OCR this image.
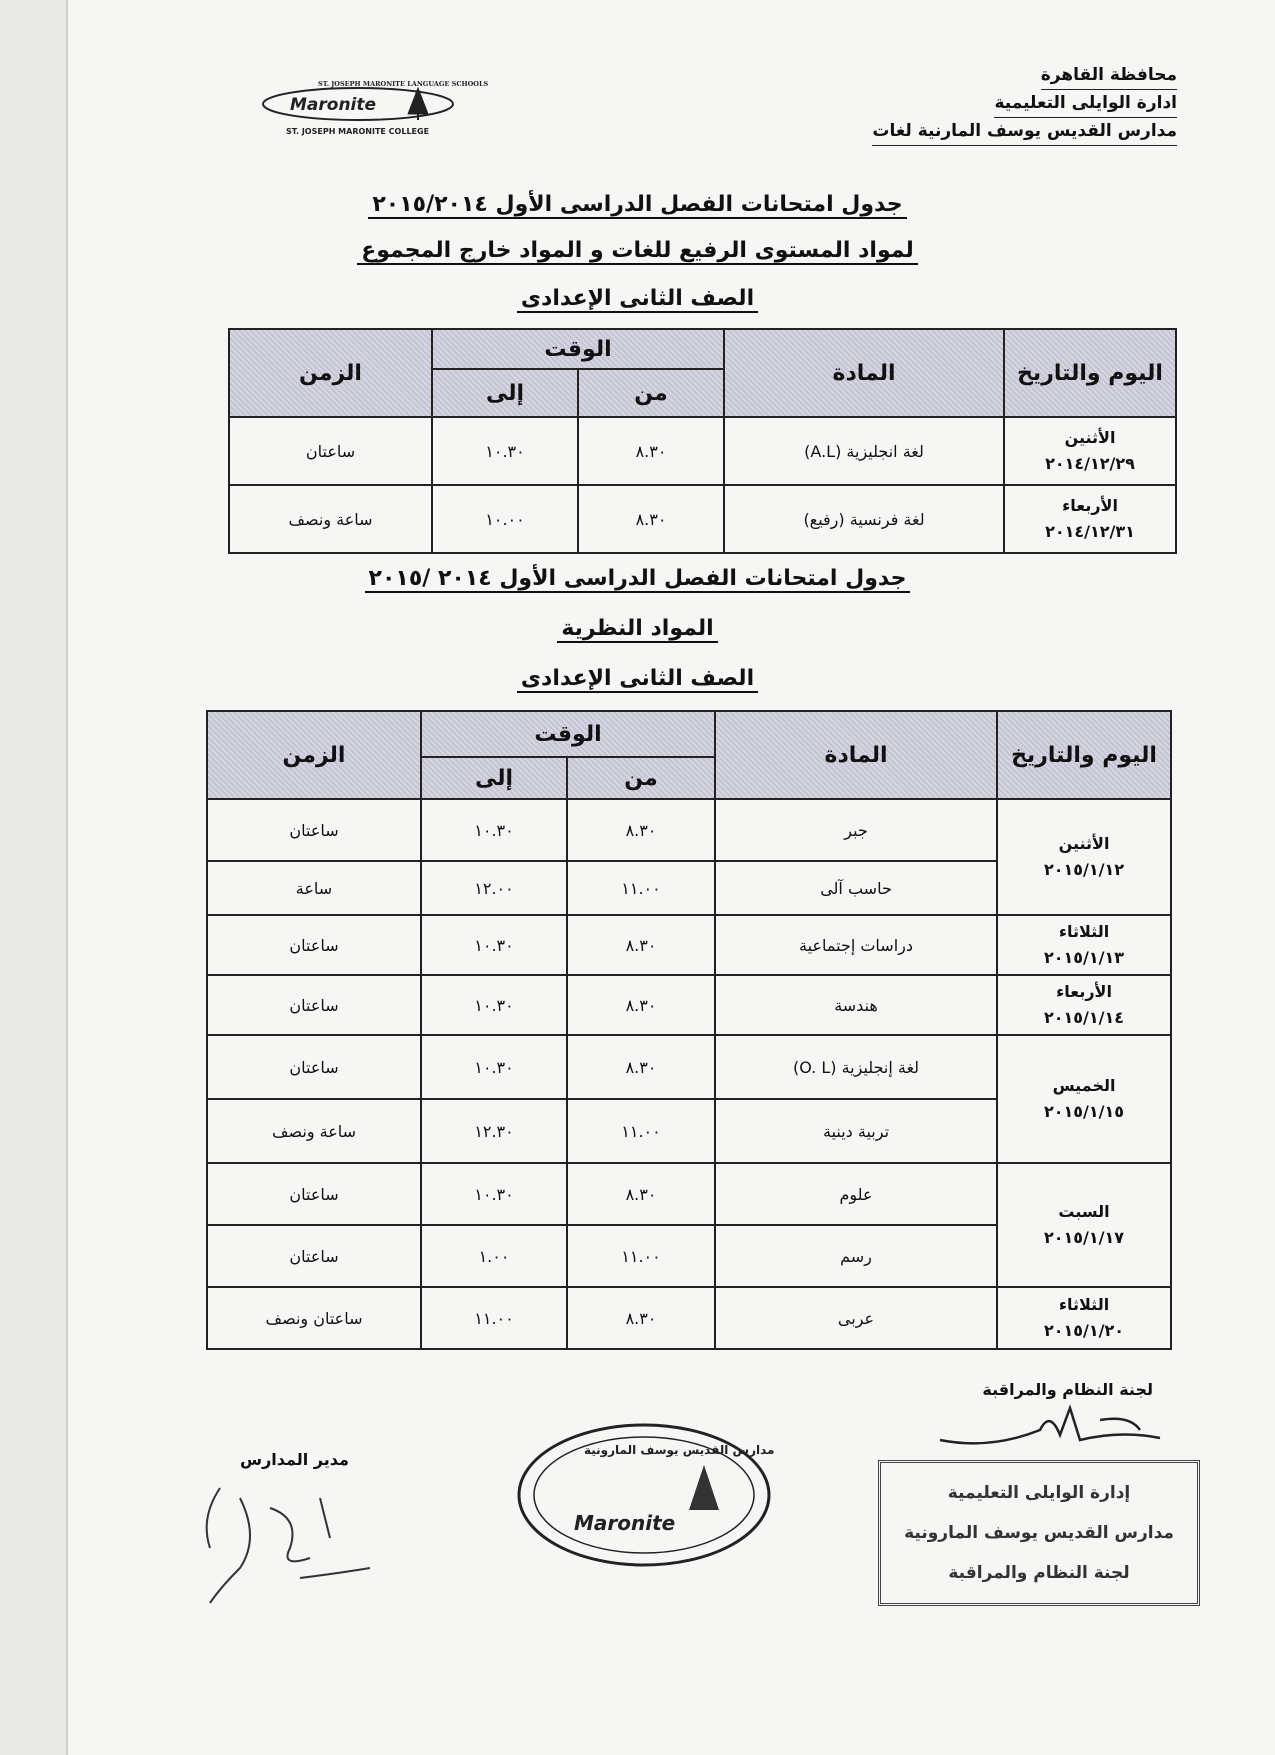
محافظة القاهرة
ادارة الوايلى التعليمية
مدارس القديس يوسف المارنية لغات
ST. JOSEPH MARONITE LANGUAGE SCHOOLS
Maronite
ST. JOSEPH MARONITE COLLEGE
جدول امتحانات الفصل الدراسى الأول ٢٠١٥/٢٠١٤
لمواد المستوى الرفيع للغات و المواد خارج المجموع
الصف الثانى الإعدادى
اليوم والتاريخ	المادة	الوقت		الزمن
		من	إلى	

الأثنين
٢٠١٤/١٢/٢٩	لغة انجليزية (A.L)	٨.٣٠	١٠.٣٠	ساعتان

الأربعاء
٢٠١٤/١٢/٣١	لغة فرنسية (رفيع)	٨.٣٠	١٠.٠٠	ساعة ونصف
جدول امتحانات الفصل الدراسى الأول ٢٠١٤ /٢٠١٥
المواد النظرية
الصف الثانى الإعدادى
اليوم والتاريخ	المادة	الوقت		الزمن
		من	إلى	

الأثنين
٢٠١٥/١/١٢	جبر	٨.٣٠	١٠.٣٠	ساعتان
	حاسب آلى	١١.٠٠	١٢.٠٠	ساعة

الثلاثاء
٢٠١٥/١/١٣	دراسات إجتماعية	٨.٣٠	١٠.٣٠	ساعتان

الأربعاء
٢٠١٥/١/١٤	هندسة	٨.٣٠	١٠.٣٠	ساعتان

الخميس
٢٠١٥/١/١٥	لغة إنجليزية (O. L)	٨.٣٠	١٠.٣٠	ساعتان
	تربية دينية	١١.٠٠	١٢.٣٠	ساعة ونصف

السبت
٢٠١٥/١/١٧	علوم	٨.٣٠	١٠.٣٠	ساعتان
	رسم	١١.٠٠	١.٠٠	ساعتان

الثلاثاء
٢٠١٥/١/٢٠	عربى	٨.٣٠	١١.٠٠	ساعتان ونصف
لجنة النظام والمراقبة
مدير المدارس	مدارس القديس يوسف المارونية
Maronite
إدارة الوايلى التعليمية
مدارس القديس يوسف المارونية
لجنة النظام والمراقبة
